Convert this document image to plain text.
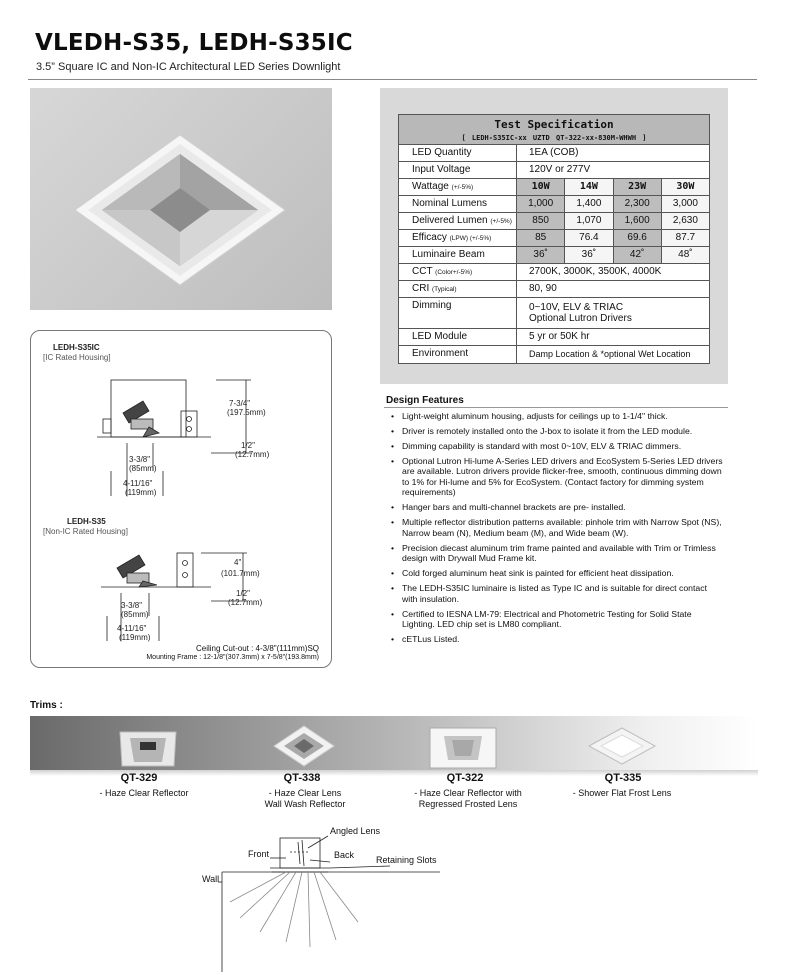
VLEDH-S35, LEDH-S35IC
3.5” Square IC and Non-IC Architectural LED Series Downlight
Test Specification
[ LEDH-S35IC-xx UZTD QT-322-xx-830M-WHWH ]
LED Quantity	1EA (COB)
Input Voltage	120V or 277V
Wattage (+/-5%)	10W	14W	23W	30W
Nominal Lumens	1,000	1,400	2,300	3,000
Delivered Lumen (+/-5%)	850	1,070	1,600	2,630
Efficacy (LPW) (+/-5%)	85	76.4	69.6	87.7
Luminaire Beam	36˚	36˚	42˚	48˚
CCT (Color+/-5%)	2700K, 3000K, 3500K, 4000K
CRI (Typical)	80, 90
Dimming	0~10V, ELV & TRIAC
Optional Lutron Drivers
LED Module	5 yr or 50K hr
Environment	Damp Location & *optional Wet Location
LEDH-S35IC
[IC Rated Housing]
7-3/4"
(197.5mm)
1/2"
(12.7mm)
3-3/8"
(85mm)
4-11/16"
(119mm)
LEDH-S35
[Non-IC Rated Housing]
4"
(101.7mm)
1/2"
(12.7mm)
3-3/8"
(85mm)
4-11/16"
(119mm)
Ceiling Cut-out : 4-3/8"(111mm)SQ
Mounting Frame : 12-1/8"(307.3mm) x 7-5/8"(193.8mm)
Design Features
• Light-weight aluminum housing, adjusts for ceilings up to 1-1/4" thick.
• Driver is remotely installed onto the J-box to isolate it from the LED module.
• Dimming capability is standard with most 0~10V, ELV & TRIAC dimmers.
• Optional Lutron Hi-lume A-Series LED drivers and EcoSystem 5-Series LED drivers are available. Lutron drivers provide flicker-free, smooth, continuous dimming down to 1% for Hi-lume and 5% for EcoSystem. (Contact factory for dimming system requirements)
• Hanger bars and multi-channel brackets are pre- installed.
• Multiple reflector distribution patterns available: pinhole trim with Narrow Spot (NS), Narrow beam (N), Medium beam (M), and Wide beam (W).
• Precision diecast aluminum trim frame painted and available with Trim or Trimless design with Drywall Mud Frame kit.
• Cold forged aluminum heat sink is painted for efficient heat dissipation.
• The LEDH-S35IC luminaire is listed as Type IC and is suitable for direct contact with insulation.
• Certified to IESNA LM-79: Electrical and Photometric Testing for Solid State Lighting. LED chip set is LM80 compliant.
• cETLus Listed.
Trims :
QT-329
- Haze Clear Reflector
QT-338
- Haze Clear Lens
Wall Wash Reflector
QT-322
- Haze Clear Reflector with
Regressed Frosted Lens
QT-335
- Shower Flat Frost Lens
Angled Lens
Front	Back Retaining Slots
Wall
